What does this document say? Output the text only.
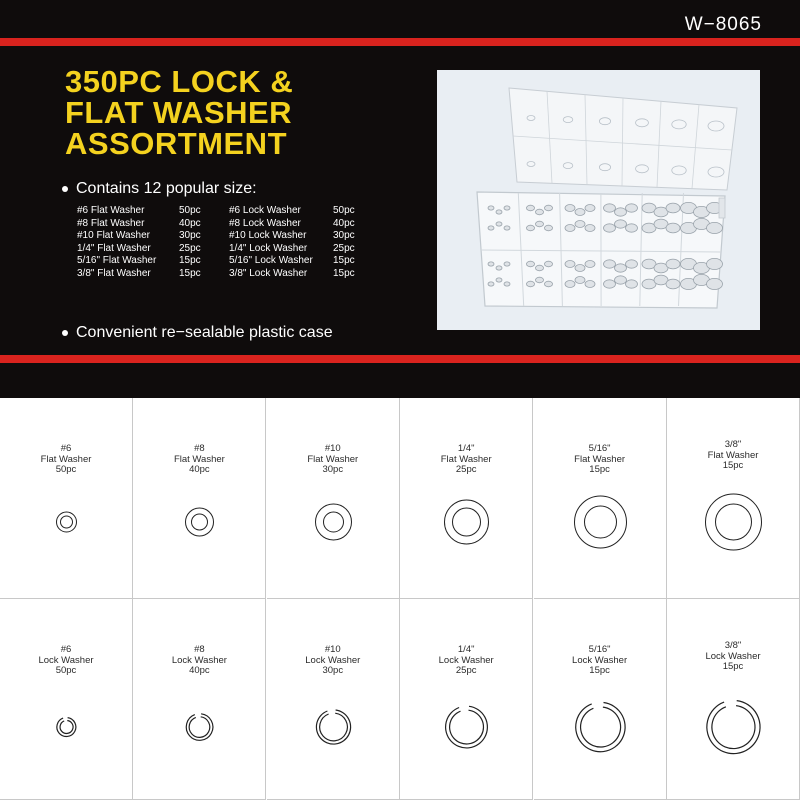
W−8065
350PC LOCK &
FLAT WASHER
ASSORTMENT
Contains 12 popular size:
#6 Flat Washer	50pc	#6 Lock Washer	50pc
#8 Flat Washer	40pc	#8 Lock Washer	40pc
#10 Flat Washer	30pc	#10 Lock Washer	30pc
1/4" Flat Washer	25pc	1/4" Lock Washer	25pc
5/16" Flat Washer 15pc	5/16" Lock Washer 15pc
3/8" Flat Washer	15pc	3/8" Lock Washer	15pc
Convenient re−sealable plastic case
#6
Flat Washer
50pc
#8
Flat Washer
40pc
#10
Flat Washer
30pc
1/4"
Flat Washer
25pc
5/16"
Flat Washer
15pc
3/8"
Flat Washer
15pc
#6
Lock Washer
50pc
#8
Lock Washer
40pc
#10
Lock Washer
30pc
1/4"
Lock Washer
25pc
5/16"
Lock Washer
15pc
3/8"
Lock Washer
15pc
